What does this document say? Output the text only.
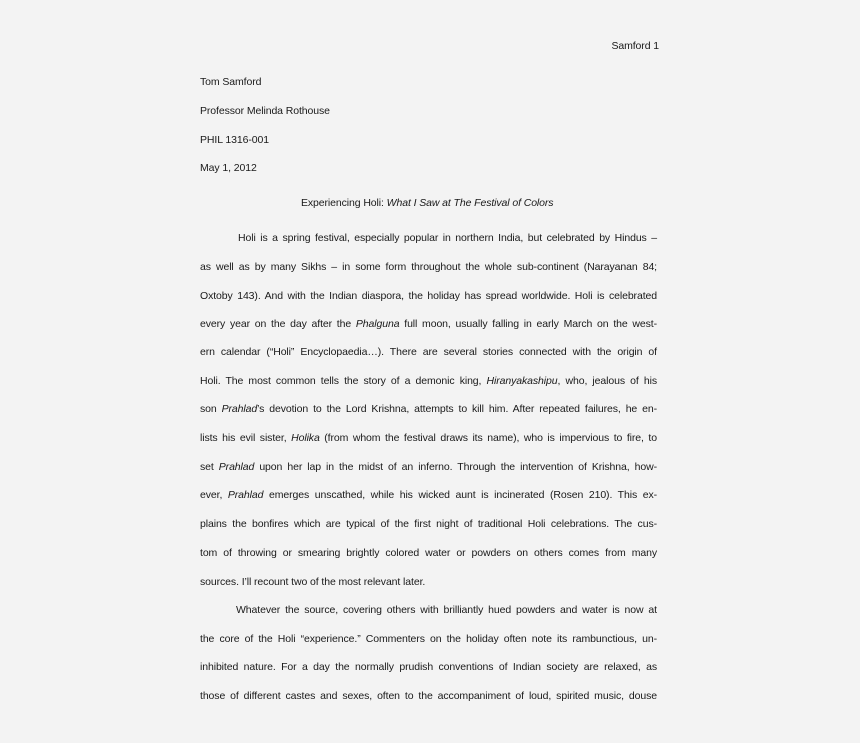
Samford 1
Tom Samford
Professor Melinda Rothouse
PHIL 1316-001
May 1, 2012
Experiencing Holi: What I Saw at The Festival of Colors
Holi is a spring festival, especially popular in northern India, but celebrated by Hindus –
as well as by many Sikhs – in some form throughout the whole sub-continent (Narayanan 84;
Oxtoby 143). And with the Indian diaspora, the holiday has spread worldwide. Holi is celebrated
every year on the day after the Phalguna full moon, usually falling in early March on the west-
ern calendar (“Holi” Encyclopaedia…). There are several stories connected with the origin of
Holi. The most common tells the story of a demonic king, Hiranyakashipu, who, jealous of his
son Prahlad’s devotion to the Lord Krishna, attempts to kill him. After repeated failures, he en-
lists his evil sister, Holika (from whom the festival draws its name), who is impervious to fire, to
set Prahlad upon her lap in the midst of an inferno. Through the intervention of Krishna, how-
ever, Prahlad emerges unscathed, while his wicked aunt is incinerated (Rosen 210). This ex-
plains the bonfires which are typical of the first night of traditional Holi celebrations. The cus-
tom of throwing or smearing brightly colored water or powders on others comes from many
sources. I’ll recount two of the most relevant later.
Whatever the source, covering others with brilliantly hued powders and water is now at
the core of the Holi “experience.” Commenters on the holiday often note its rambunctious, un-
inhibited nature. For a day the normally prudish conventions of Indian society are relaxed, as
those of different castes and sexes, often to the accompaniment of loud, spirited music, douse
